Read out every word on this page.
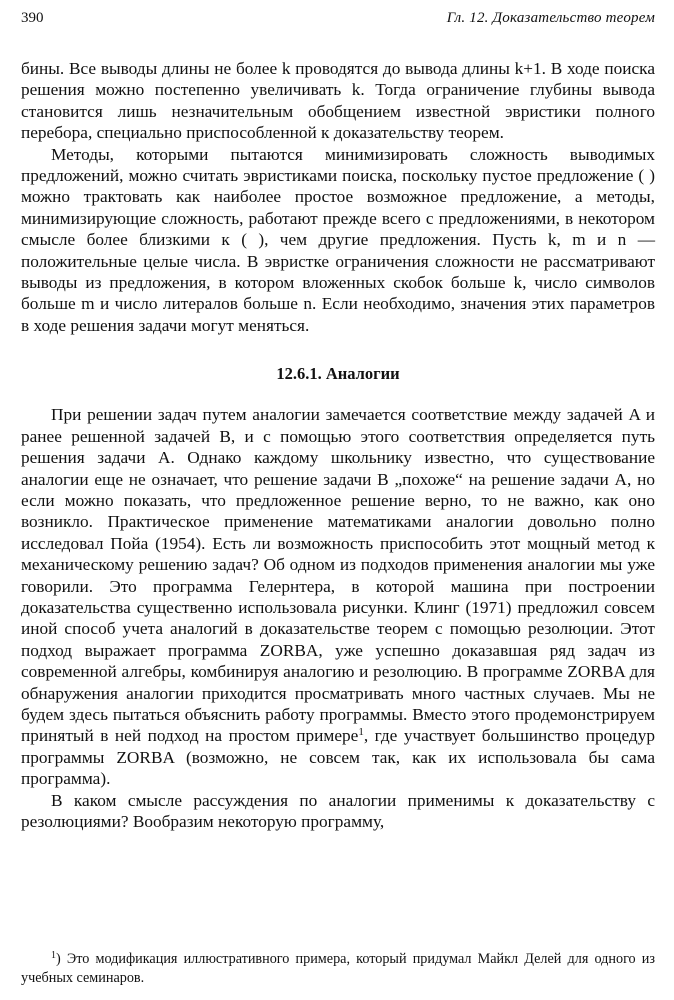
390	Гл. 12. Доказательство теорем

бины. Все выводы длины не более k проводятся до вывода длины k+1. В ходе поиска решения можно постепенно увеличивать k. Тогда ограничение глубины вывода становится лишь незначительным обобщением известной эвристики полного перебора, специально приспособленной к доказательству теорем.

Методы, которыми пытаются минимизировать сложность выводимых предложений, можно считать эвристиками поиска, поскольку пустое предложение ( ) можно трактовать как наиболее простое возможное предложение, а методы, минимизирующие сложность, работают прежде всего с предложениями, в некотором смысле более близкими к ( ), чем другие предложения. Пусть k, m и n — положительные целые числа. В эвристке ограничения сложности не рассматривают выводы из предложения, в котором вложенных скобок больше k, число символов больше m и число литералов больше n. Если необходимо, значения этих параметров в ходе решения задачи могут меняться.

12.6.1. Аналогии

При решении задач путем аналогии замечается соответствие между задачей A и ранее решенной задачей B, и с помощью этого соответствия определяется путь решения задачи A. Однако каждому школьнику известно, что существование аналогии еще не означает, что решение задачи B „похоже“ на решение задачи A, но если можно показать, что предложенное решение верно, то не важно, как оно возникло. Практическое применение математиками аналогии довольно полно исследовал Пойа (1954). Есть ли возможность приспособить этот мощный метод к механическому решению задач? Об одном из подходов применения аналогии мы уже говорили. Это программа Гелернтера, в которой машина при построении доказательства существенно использовала рисунки. Клинг (1971) предложил совсем иной способ учета аналогий в доказательстве теорем с помощью резолюции. Этот подход выражает программа ZORBA, уже успешно доказавшая ряд задач из современной алгебры, комбинируя аналогию и резолюцию. В программе ZORBA для обнаружения аналогии приходится просматривать много частных случаев. Мы не будем здесь пытаться объяснить работу программы. Вместо этого продемонстрируем принятый в ней подход на простом примере$^1$, где участвует большинство процедур программы ZORBA (возможно, не совсем так, как их использовала бы сама программа).

В каком смысле рассуждения по аналогии применимы к доказательству с резолюциями? Вообразим некоторую программу,

$^1$) Это модификация иллюстративного примера, который придумал Майкл Делей для одного из учебных семинаров.
